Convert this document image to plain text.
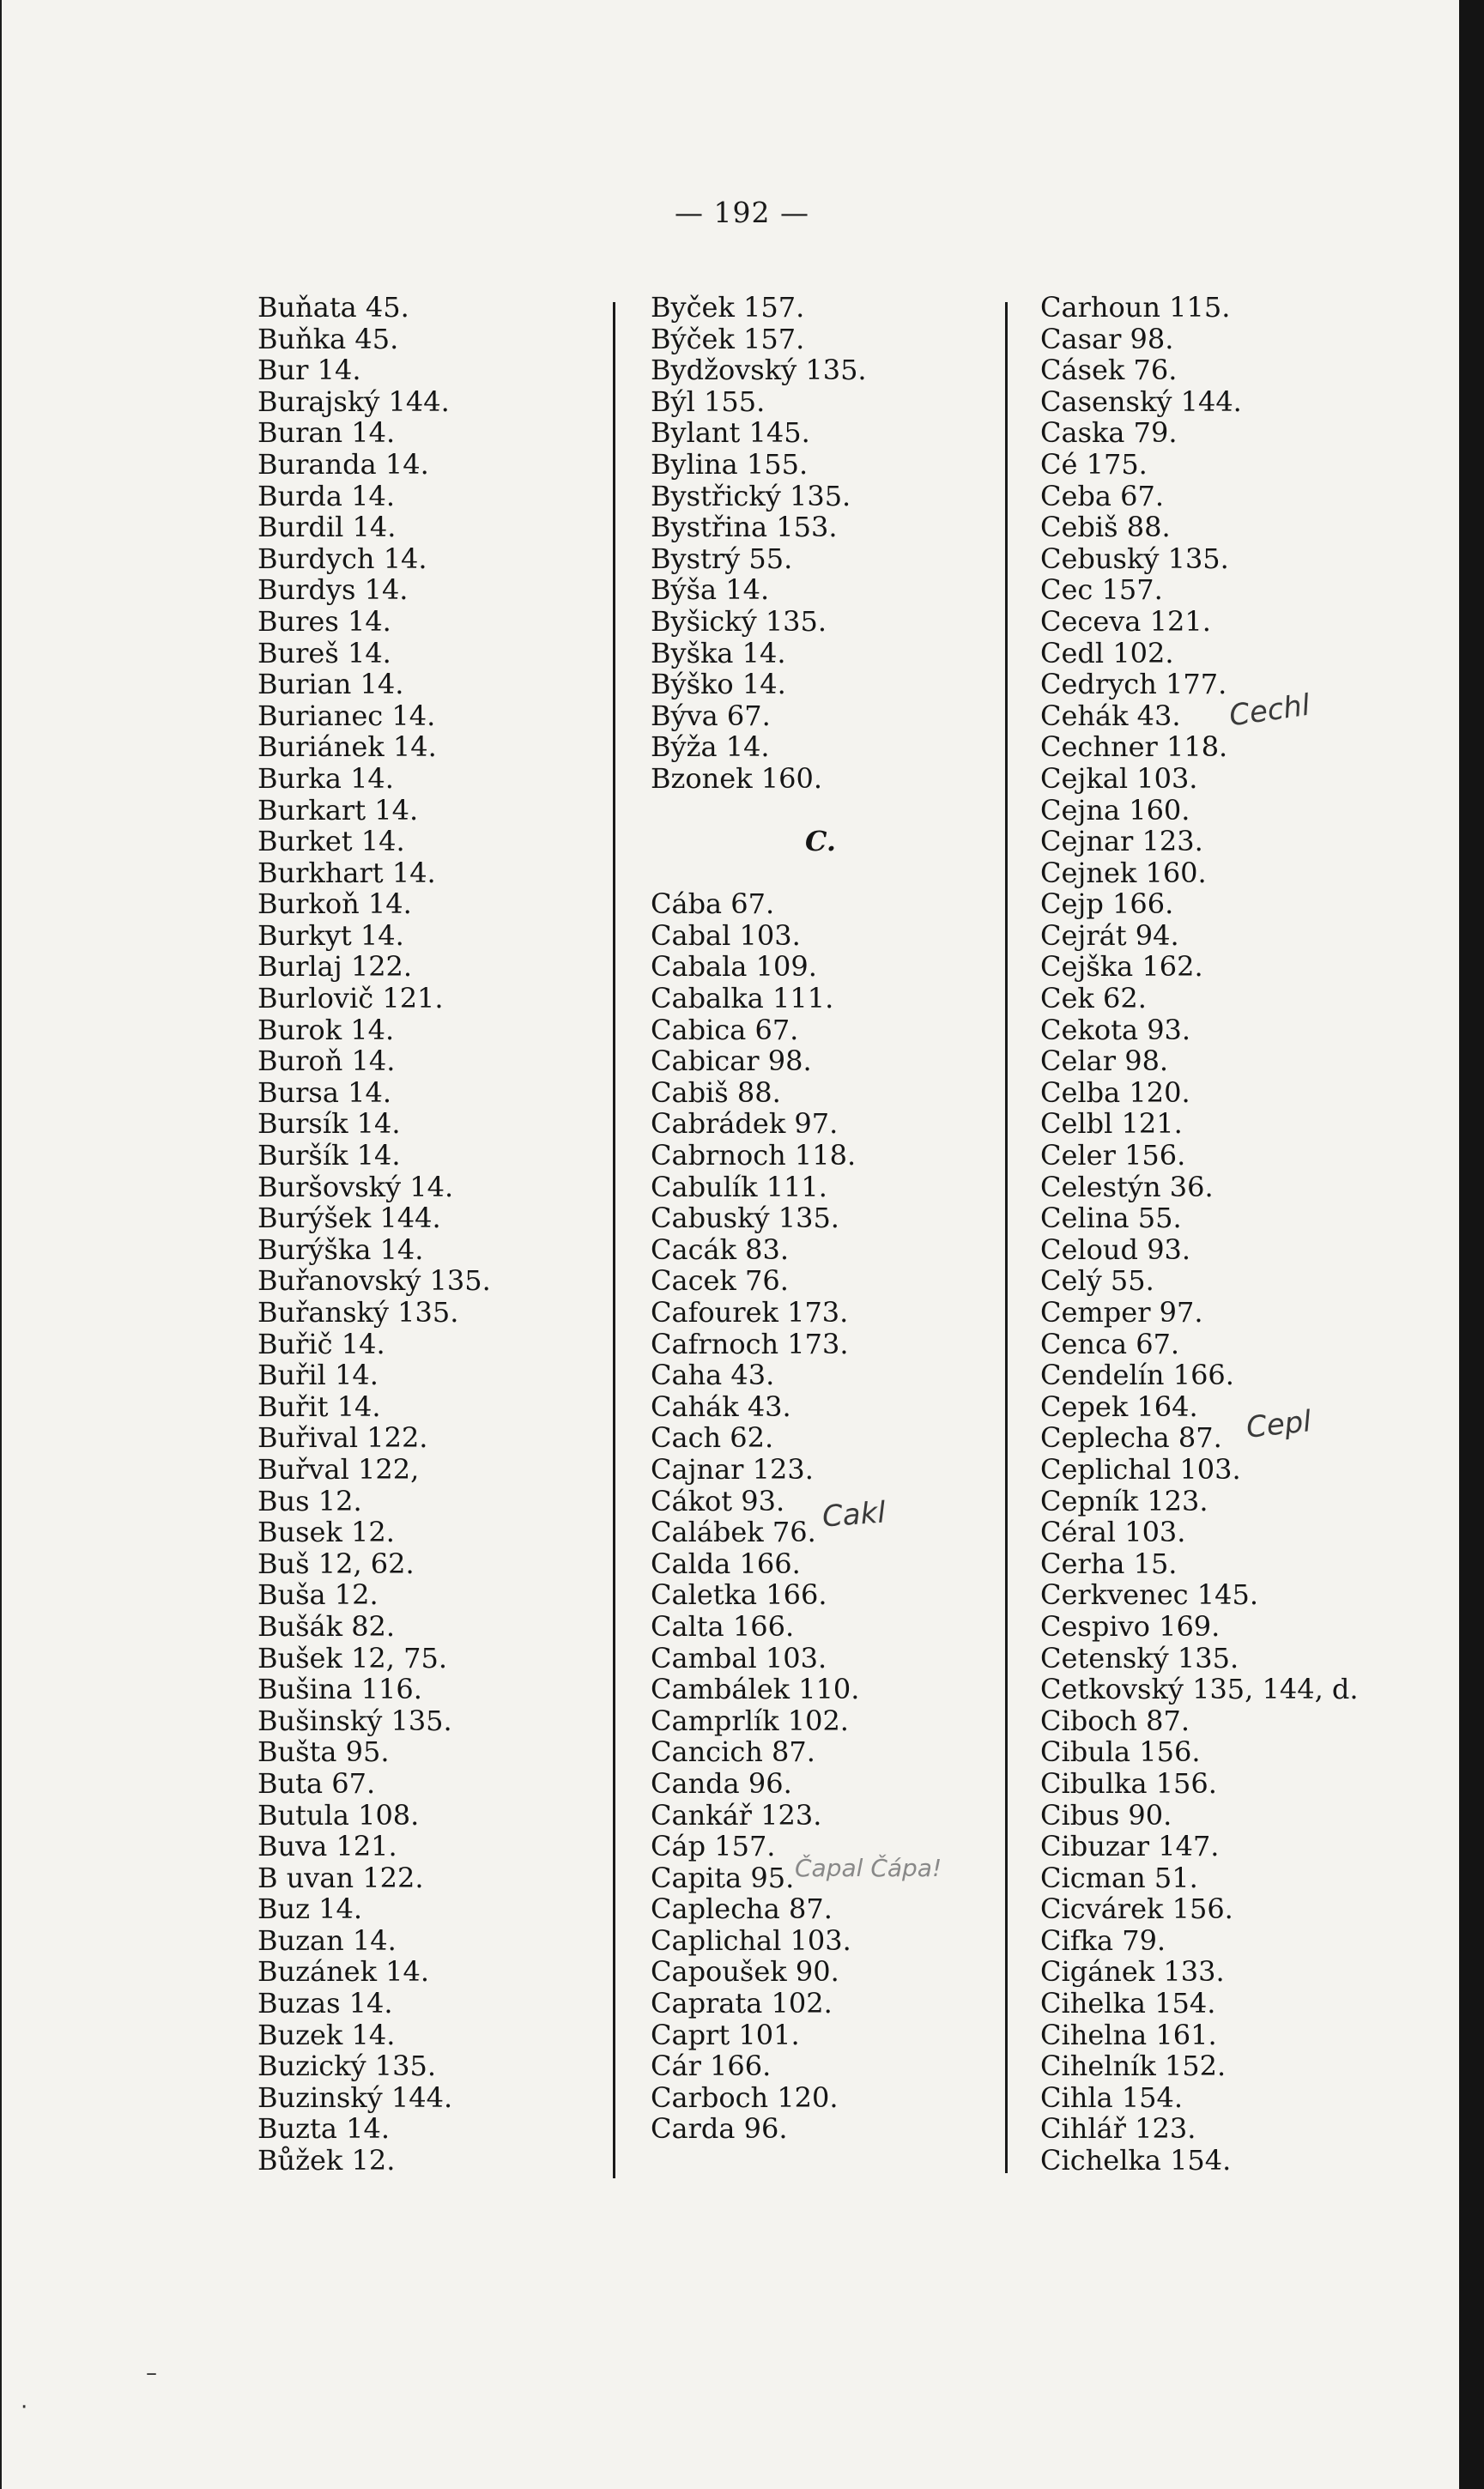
— 192 —
Buňata 45.
Buňka 45.
Bur 14.
Burajský 144.
Buran 14.
Buranda 14.
Burda 14.
Burdil 14.
Burdych 14.
Burdys 14.
Bures 14.
Bureš 14.
Burian 14.
Burianec 14.
Buriánek 14.
Burka 14.
Burkart 14.
Burket 14.
Burkhart 14.
Burkoň 14.
Burkyt 14.
Burlaj 122.
Burlovič 121.
Burok 14.
Buroň 14.
Bursa 14.
Bursík 14.
Buršík 14.
Buršovský 14.
Burýšek 144.
Burýška 14.
Buřanovský 135.
Buřanský 135.
Buřič 14.
Buřil 14.
Buřit 14.
Buřival 122.
Buřval 122,
Bus 12.
Busek 12.
Buš 12, 62.
Buša 12.
Bušák 82.
Bušek 12, 75.
Bušina 116.
Bušinský 135.
Bušta 95.
Buta 67.
Butula 108.
Buva 121.
B uvan 122.
Buz 14.
Buzan 14.
Buzánek 14.
Buzas 14.
Buzek 14.
Buzický 135.
Buzinský 144.
Buzta 14.
Bůžek 12.
Byček 157.
Býček 157.
Bydžovský 135.
Býl 155.
Bylant 145.
Bylina 155.
Bystřický 135.
Bystřina 153.
Bystrý 55.
Býša 14.
Byšický 135.
Byška 14.
Býško 14.
Býva 67.
Býža 14.
Bzonek 160.
C.
Cába 67.
Cabal 103.
Cabala 109.
Cabalka 111.
Cabica 67.
Cabicar 98.
Cabiš 88.
Cabrádek 97.
Cabrnoch 118.
Cabulík 111.
Cabuský 135.
Cacák 83.
Cacek 76.
Cafourek 173.
Cafrnoch 173.
Caha 43.
Cahák 43.
Cach 62.
Cajnar 123.
Cákot 93.
Calábek 76.
Calda 166.
Caletka 166.
Calta 166.
Cambal 103.
Cambálek 110.
Camprlík 102.
Cancich 87.
Canda 96.
Cankář 123.
Cáp 157.
Capita 95.
Caplecha 87.
Caplichal 103.
Capoušek 90.
Caprata 102.
Caprt 101.
Cár 166.
Carboch 120.
Carda 96.
Carhoun 115.
Casar 98.
Cásek 76.
Casenský 144.
Caska 79.
Cé 175.
Ceba 67.
Cebiš 88.
Cebuský 135.
Cec 157.
Ceceva 121.
Cedl 102.
Cedrych 177.
Cehák 43.
Cechner 118.
Cejkal 103.
Cejna 160.
Cejnar 123.
Cejnek 160.
Cejp 166.
Cejrát 94.
Cejška 162.
Cek 62.
Cekota 93.
Celar 98.
Celba 120.
Celbl 121.
Celer 156.
Celestýn 36.
Celina 55.
Celoud 93.
Celý 55.
Cemper 97.
Cenca 67.
Cendelín 166.
Cepek 164.
Ceplecha 87.
Ceplichal 103.
Cepník 123.
Céral 103.
Cerha 15.
Cerkvenec 145.
Cespivo 169.
Cetenský 135.
Cetkovský 135, 144, d.
Ciboch 87.
Cibula 156.
Cibulka 156.
Cibus 90.
Cibuzar 147.
Cicman 51.
Cicvárek 156.
Cifka 79.
Cigánek 133.
Cihelka 154.
Cihelna 161.
Cihelník 152.
Cihla 154.
Cihlář 123.
Cichelka 154.
Cechl
Cepl
Cakl
Čapal Čápa!
–
·
